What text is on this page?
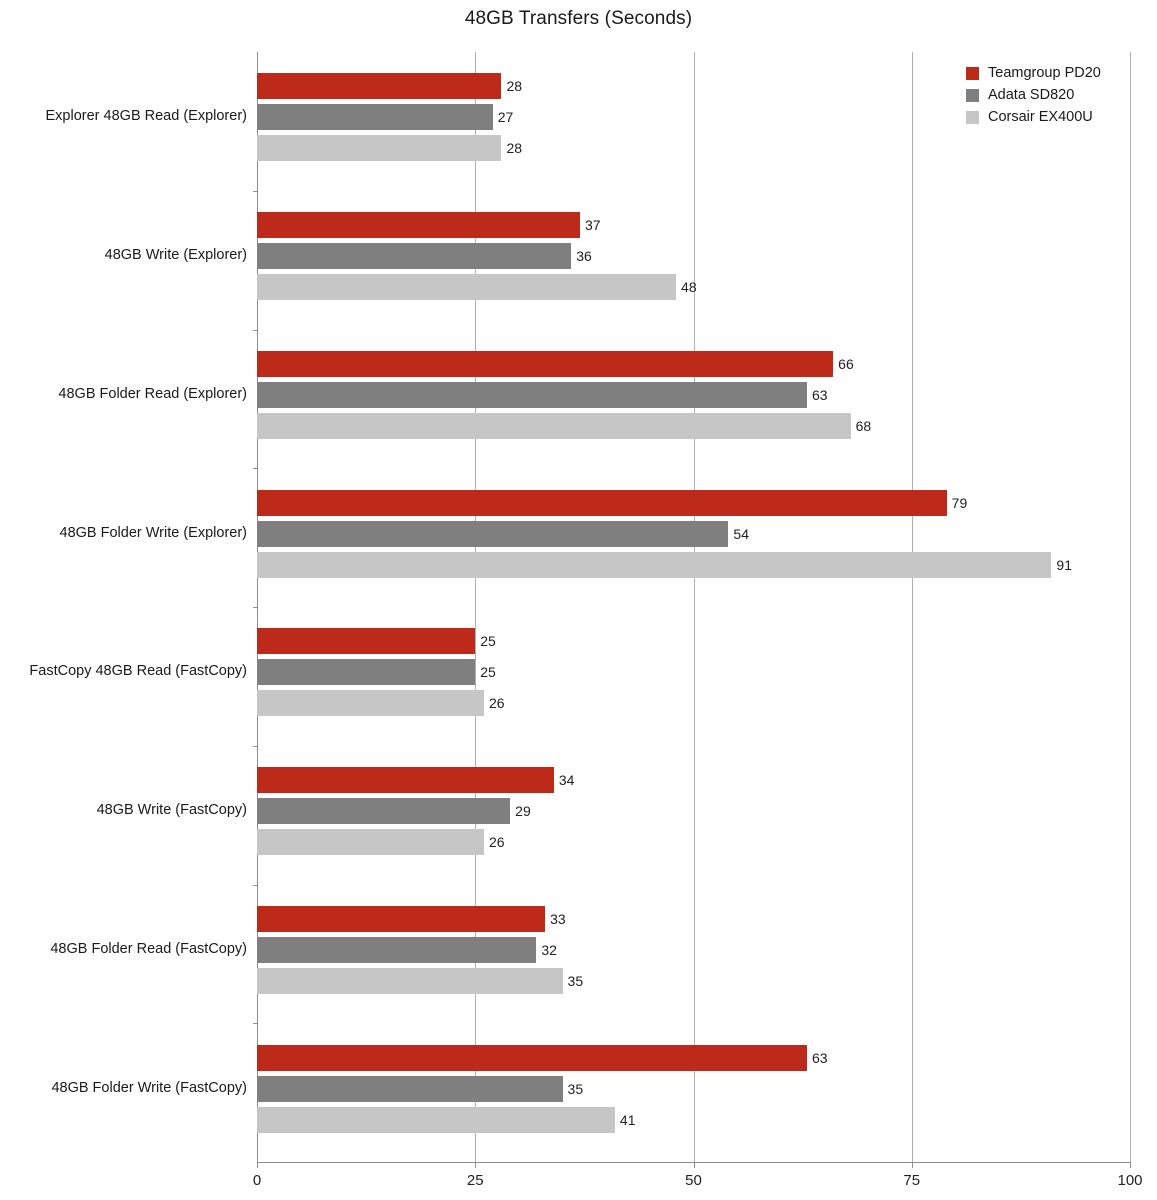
48GB Transfers (Seconds)
Teamgroup PD20
Adata SD820
Corsair EX400U
0	25	50	75	100
Explorer 48GB Read (Explorer)
28
27
28
48GB Write (Explorer)
37
36
48
48GB Folder Read (Explorer)
66
63
68
48GB Folder Write (Explorer)
79
54
91
FastCopy 48GB Read (FastCopy)
25
25
26
48GB Write (FastCopy)
34
29
26
48GB Folder Read (FastCopy)
33
32
35
48GB Folder Write (FastCopy)
63
35
41
